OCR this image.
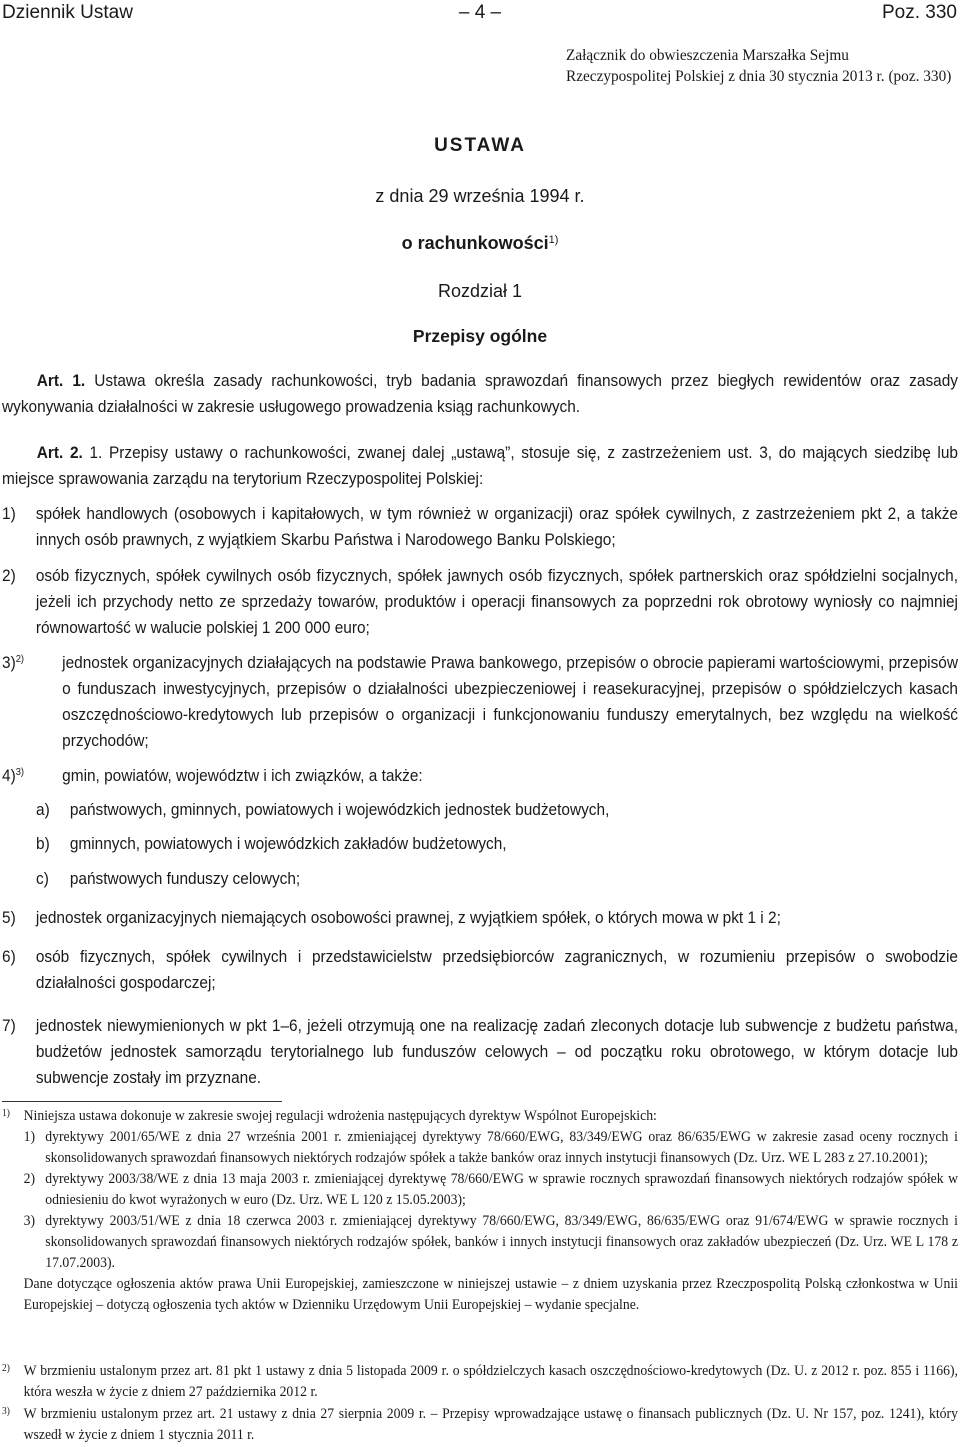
Dziennik Ustaw	– 4 –	Poz. 330
Załącznik do obwieszczenia Marszałka Sejmu Rzeczypospolitej Polskiej z dnia 30 stycznia 2013 r. (poz. 330)
USTAWA
z dnia 29 września 1994 r.
o rachunkowości$^{1)}$
Rozdział 1
Przepisy ogólne

Art. 1. Ustawa określa zasady rachunkowości, tryb badania sprawozdań finansowych przez biegłych rewidentów oraz zasady wykonywania działalności w zakresie usługowego prowadzenia ksiąg rachunkowych.

Art. 2. 1. Przepisy ustawy o rachunkowości, zwanej dalej „ustawą”, stosuje się, z zastrzeżeniem ust. 3, do mających siedzibę lub miejsce sprawowania zarządu na terytorium Rzeczypospolitej Polskiej:

1) spółek handlowych (osobowych i kapitałowych, w tym również w organizacji) oraz spółek cywilnych, z zastrzeżeniem pkt 2, a także innych osób prawnych, z wyjątkiem Skarbu Państwa i Narodowego Banku Polskiego;
2) osób fizycznych, spółek cywilnych osób fizycznych, spółek jawnych osób fizycznych, spółek partnerskich oraz spółdzielni socjalnych, jeżeli ich przychody netto ze sprzedaży towarów, produktów i operacji finansowych za poprzedni rok obrotowy wyniosły co najmniej równowartość w walucie polskiej 1 200 000 euro;
3)$^{2)}$ jednostek organizacyjnych działających na podstawie Prawa bankowego, przepisów o obrocie papierami wartościowymi, przepisów o funduszach inwestycyjnych, przepisów o działalności ubezpieczeniowej i reasekuracyjnej, przepisów o spółdzielczych kasach oszczędnościowo-kredytowych lub przepisów o organizacji i funkcjonowaniu funduszy emerytalnych, bez względu na wielkość przychodów;
4)$^{3)}$ gmin, powiatów, województw i ich związków, a także:
a) państwowych, gminnych, powiatowych i wojewódzkich jednostek budżetowych,
b) gminnych, powiatowych i wojewódzkich zakładów budżetowych,
c) państwowych funduszy celowych;
5) jednostek organizacyjnych niemających osobowości prawnej, z wyjątkiem spółek, o których mowa w pkt 1 i 2;
6) osób fizycznych, spółek cywilnych i przedstawicielstw przedsiębiorców zagranicznych, w rozumieniu przepisów o swobodzie działalności gospodarczej;
7) jednostek niewymienionych w pkt 1–6, jeżeli otrzymują one na realizację zadań zleconych dotacje lub subwencje z budżetu państwa, budżetów jednostek samorządu terytorialnego lub funduszów celowych – od początku roku obrotowego, w którym dotacje lub subwencje zostały im przyznane.
1) Niniejsza ustawa dokonuje w zakresie swojej regulacji wdrożenia następujących dyrektyw Wspólnot Europejskich:
1) dyrektywy 2001/65/WE z dnia 27 września 2001 r. zmieniającej dyrektywy 78/660/EWG, 83/349/EWG oraz 86/635/EWG w zakresie zasad oceny rocznych i skonsolidowanych sprawozdań finansowych niektórych rodzajów spółek a także banków oraz innych instytucji finansowych (Dz. Urz. WE L 283 z 27.10.2001);
2) dyrektywy 2003/38/WE z dnia 13 maja 2003 r. zmieniającej dyrektywę 78/660/EWG w sprawie rocznych sprawozdań finansowych niektórych rodzajów spółek w odniesieniu do kwot wyrażonych w euro (Dz. Urz. WE L 120 z 15.05.2003);
3) dyrektywy 2003/51/WE z dnia 18 czerwca 2003 r. zmieniającej dyrektywy 78/660/EWG, 83/349/EWG, 86/635/EWG oraz 91/674/EWG w sprawie rocznych i skonsolidowanych sprawozdań finansowych niektórych rodzajów spółek, banków i innych instytucji finansowych oraz zakładów ubezpieczeń (Dz. Urz. WE L 178 z 17.07.2003).
Dane dotyczące ogłoszenia aktów prawa Unii Europejskiej, zamieszczone w niniejszej ustawie – z dniem uzyskania przez Rzeczpospolitą Polską członkostwa w Unii Europejskiej – dotyczą ogłoszenia tych aktów w Dzienniku Urzędowym Unii Europejskiej – wydanie specjalne.
2) W brzmieniu ustalonym przez art. 81 pkt 1 ustawy z dnia 5 listopada 2009 r. o spółdzielczych kasach oszczędnościowo-kredytowych (Dz. U. z 2012 r. poz. 855 i 1166), która weszła w życie z dniem 27 października 2012 r.
3) W brzmieniu ustalonym przez art. 21 ustawy z dnia 27 sierpnia 2009 r. – Przepisy wprowadzające ustawę o finansach publicznych (Dz. U. Nr 157, poz. 1241), który wszedł w życie z dniem 1 stycznia 2011 r.
